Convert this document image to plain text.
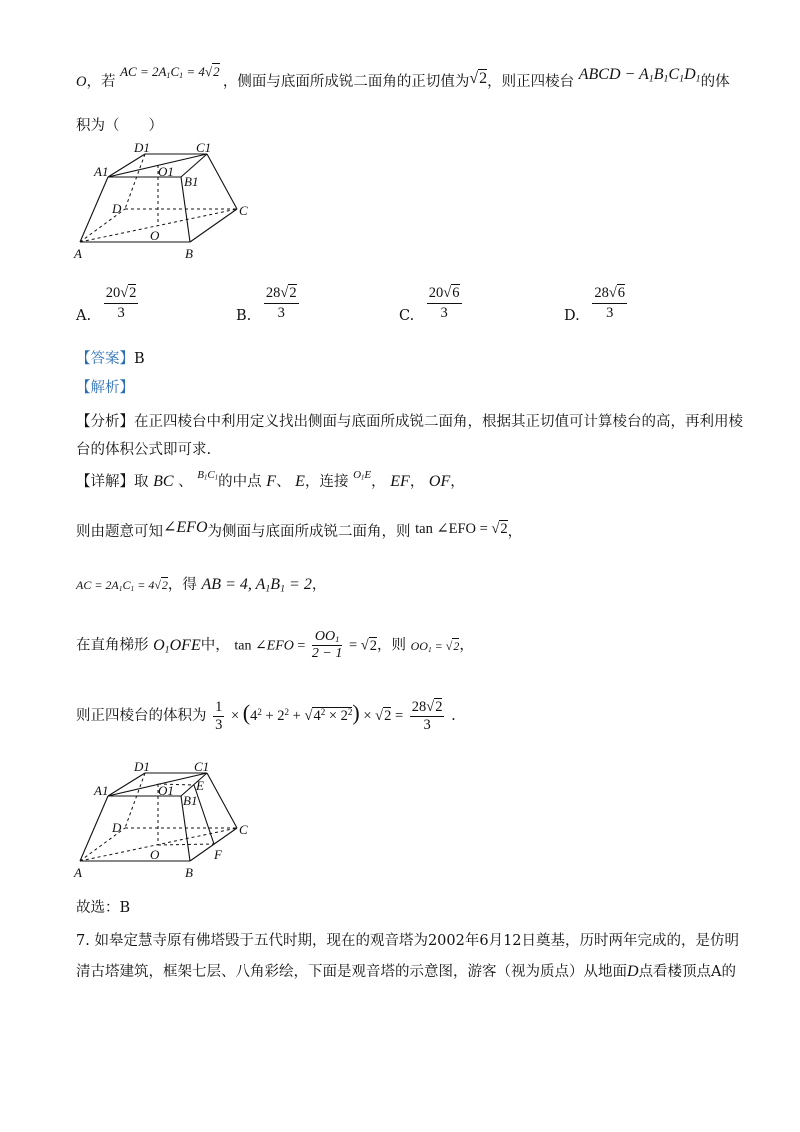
O，若 AC = $2A_1C_1 = 4√2$ ，侧面与底面所成锐二面角的正切值为√2，则正四棱台 ABCD − $A_1B_1C_1D_1$的体
积为（　　）
D1	C1
A1	O1
B1
D	C
O
A	B
A. $\frac{20√2}{3}$	B. $\frac{28√2}{3}$	C. $\frac{20√6}{3}$	D. $\frac{28√6}{3}$
【答案】B
【解析】
【分析】在正四棱台中利用定义找出侧面与底面所成锐二面角，根据其正切值可计算棱台的高，再利用棱
台的体积公式即可求.
【详解】取 BC 、 $^{B_1C_1}$的中点 F、 E，连接 $^{O_1E}$， EF， OF，
则由题意可知∠EFO为侧面与底面所成锐二面角，则 tan ∠EFO = √2，
AC = $2A_1C_1 = 4√2$，得 AB = 4, $A_1B_1 = 2$，
在直角梯形 $O_1OFE$中， tan ∠EFO = $\frac{OO_1}{2 - 1} = √2$，则 $OO_1 = √2$，
则正四棱台的体积为 $\frac{1}{3} \times (4^2 + 2^2 + √4^2 \times 2^2) \times √2 = \frac{28√2}{3}$ .
D1	C1
A1	O1 E
B1
D	C
O	F
A	B
故选：B
7. 如皋定慧寺原有佛塔毁于五代时期，现在的观音塔为2002年6月12日奠基，历时两年完成的，是仿明
清古塔建筑，框架七层、八角彩绘，下面是观音塔的示意图，游客（视为质点）从地面D点看楼顶点A的
